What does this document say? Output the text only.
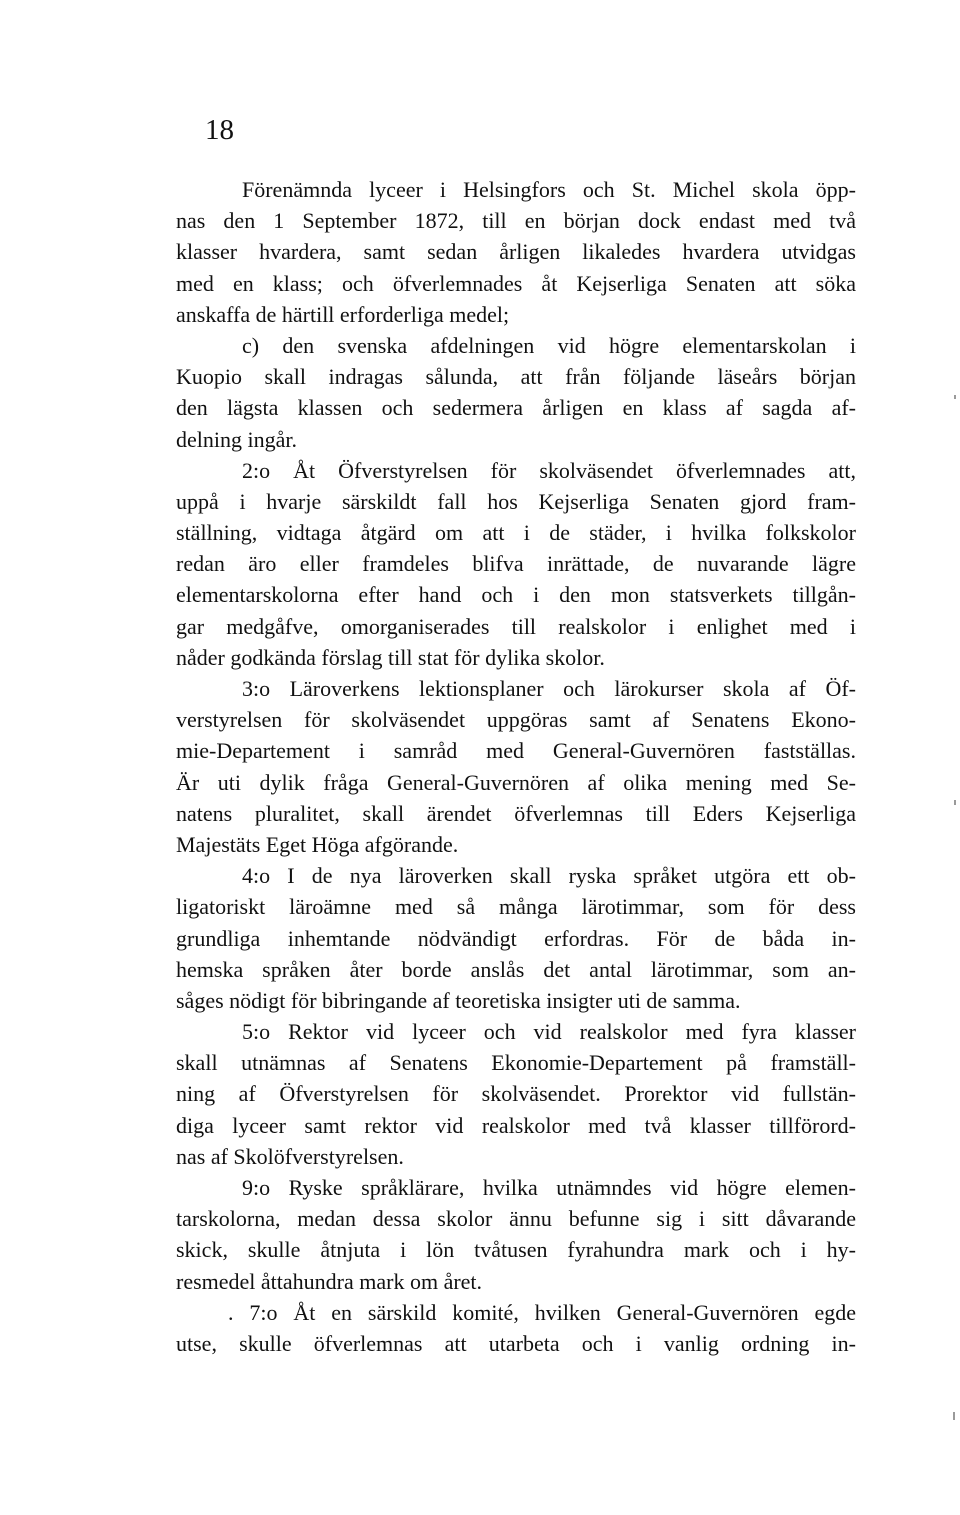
18
Förenämnda lyceer i Helsingfors och St. Michel skola öpp-
nas den 1 September 1872, till en början dock endast med två
klasser hvardera, samt sedan årligen likaledes hvardera utvidgas
med en klass; och öfverlemnades åt Kejserliga Senaten att söka
anskaffa de härtill erforderliga medel;
c) den svenska afdelningen vid högre elementarskolan i
Kuopio skall indragas sålunda, att från följande läseårs början
den lägsta klassen och sedermera årligen en klass af sagda af-
delning ingår.
2:o Åt Öfverstyrelsen för skolväsendet öfverlemnades att,
uppå i hvarje särskildt fall hos Kejserliga Senaten gjord fram-
ställning, vidtaga åtgärd om att i de städer, i hvilka folkskolor
redan äro eller framdeles blifva inrättade, de nuvarande lägre
elementarskolorna efter hand och i den mon statsverkets tillgån-
gar medgåfve, omorganiserades till realskolor i enlighet med i
nåder godkända förslag till stat för dylika skolor.
3:o Läroverkens lektionsplaner och lärokurser skola af Öf-
verstyrelsen för skolväsendet uppgöras samt af Senatens Ekono-
mie-Departement i samråd med General-Guvernören fastställas.
Är uti dylik fråga General-Guvernören af olika mening med Se-
natens pluralitet, skall ärendet öfverlemnas till Eders Kejserliga
Majestäts Eget Höga afgörande.
4:o I de nya läroverken skall ryska språket utgöra ett ob-
ligatoriskt läroämne med så många lärotimmar, som för dess
grundliga inhemtande nödvändigt erfordras. För de båda in-
hemska språken åter borde anslås det antal lärotimmar, som an-
såges nödigt för bibringande af teoretiska insigter uti de samma.
5:o Rektor vid lyceer och vid realskolor med fyra klasser
skall utnämnas af Senatens Ekonomie-Departement på framställ-
ning af Öfverstyrelsen för skolväsendet. Prorektor vid fullstän-
diga lyceer samt rektor vid realskolor med två klasser tillförord-
nas af Skolöfverstyrelsen.
9:o Ryske språklärare, hvilka utnämndes vid högre elemen-
tarskolorna, medan dessa skolor ännu befunne sig i sitt dåvarande
skick, skulle åtnjuta i lön tvåtusen fyrahundra mark och i hy-
resmedel åttahundra mark om året.
. 7:o Åt en särskild komité, hvilken General-Guvernören egde
utse, skulle öfverlemnas att utarbeta och i vanlig ordning in-
